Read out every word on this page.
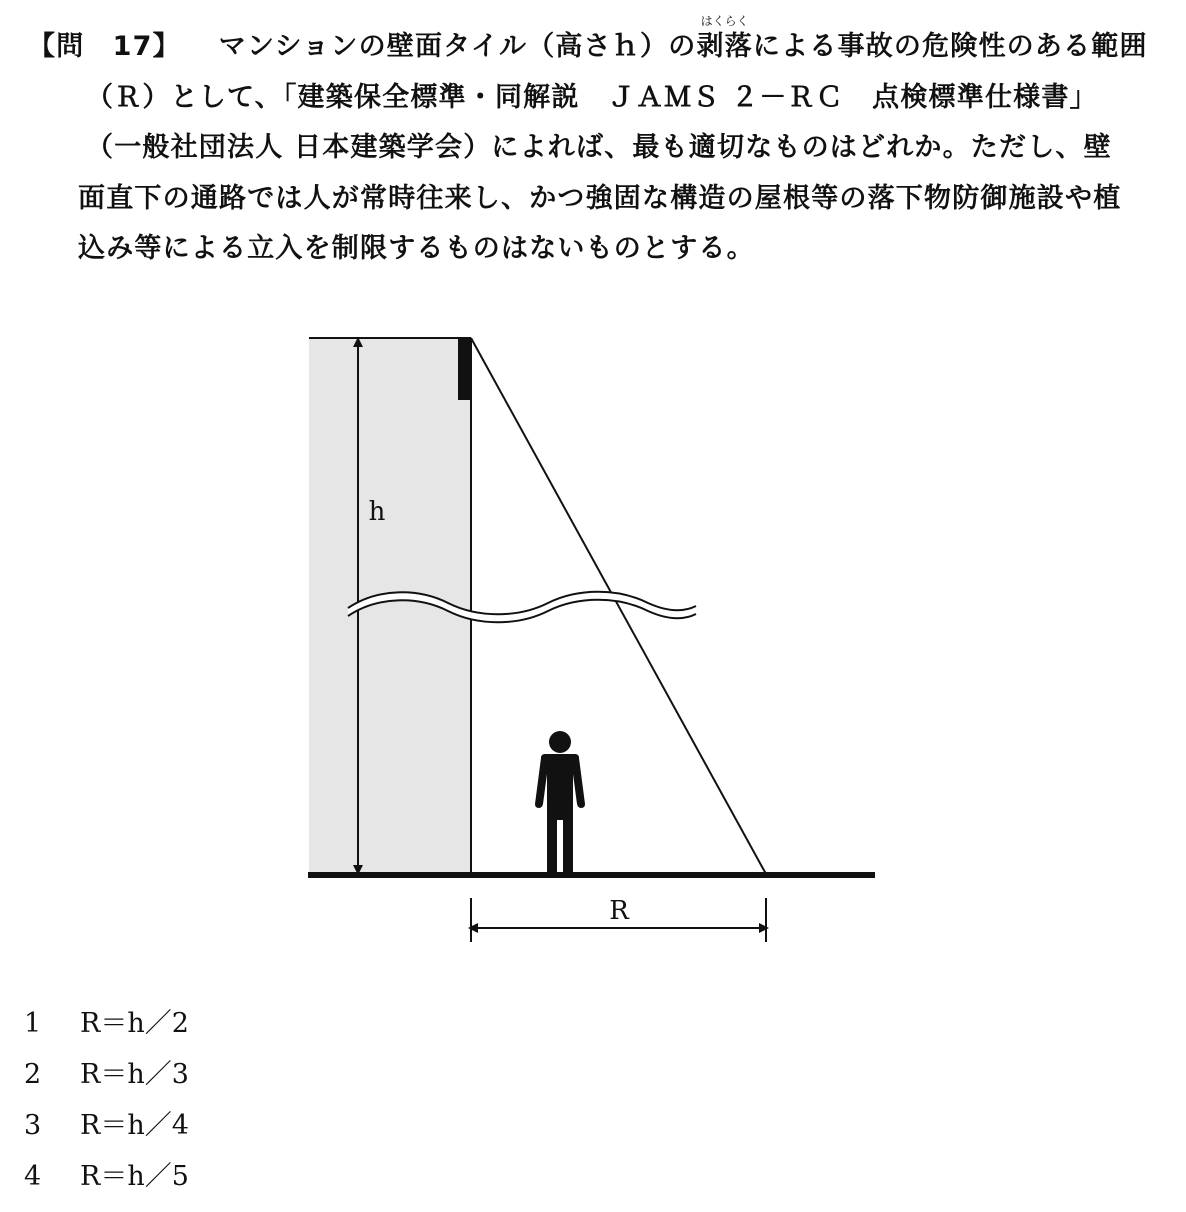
【問　17】 マンションの壁面タイル（高さｈ）の剥落
はくらく
による事故の危険性のある範囲
（Ｒ）として、「建築保全標準・同解説　ＪＡＭＳ ２－ＲＣ　点検標準仕様書」
（一般社団法人 日本建築学会）によれば、最も適切なものはどれか。ただし、壁
面直下の通路では人が常時往来し、かつ強固な構造の屋根等の落下物防御施設や植
込み等による立入を制限するものはないものとする。
h
R
1 R＝h／2
2 R＝h／3
3 R＝h／4
4 R＝h／5
